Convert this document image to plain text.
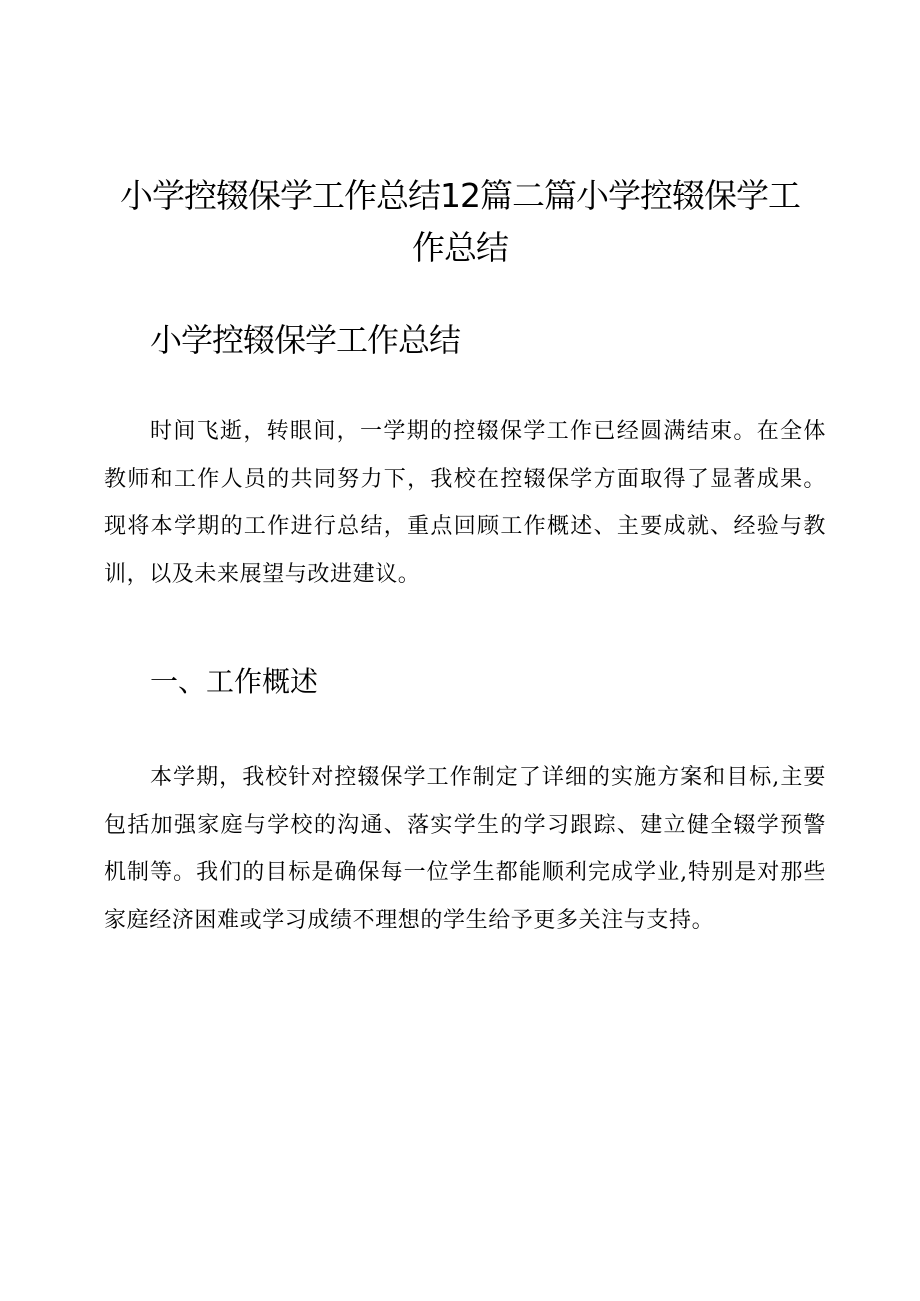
小学控辍保学工作总结12篇二篇小学控辍保学工作总结
小学控辍保学工作总结

时间飞逝，转眼间，一学期的控辍保学工作已经圆满结束。在全体教师和工作人员的共同努力下，我校在控辍保学方面取得了显著成果。现将本学期的工作进行总结，重点回顾工作概述、主要成就、经验与教训，以及未来展望与改进建议。

一、工作概述

本学期，我校针对控辍保学工作制定了详细的实施方案和目标,主要包括加强家庭与学校的沟通、落实学生的学习跟踪、建立健全辍学预警机制等。我们的目标是确保每一位学生都能顺利完成学业,特别是对那些家庭经济困难或学习成绩不理想的学生给予更多关注与支持。
